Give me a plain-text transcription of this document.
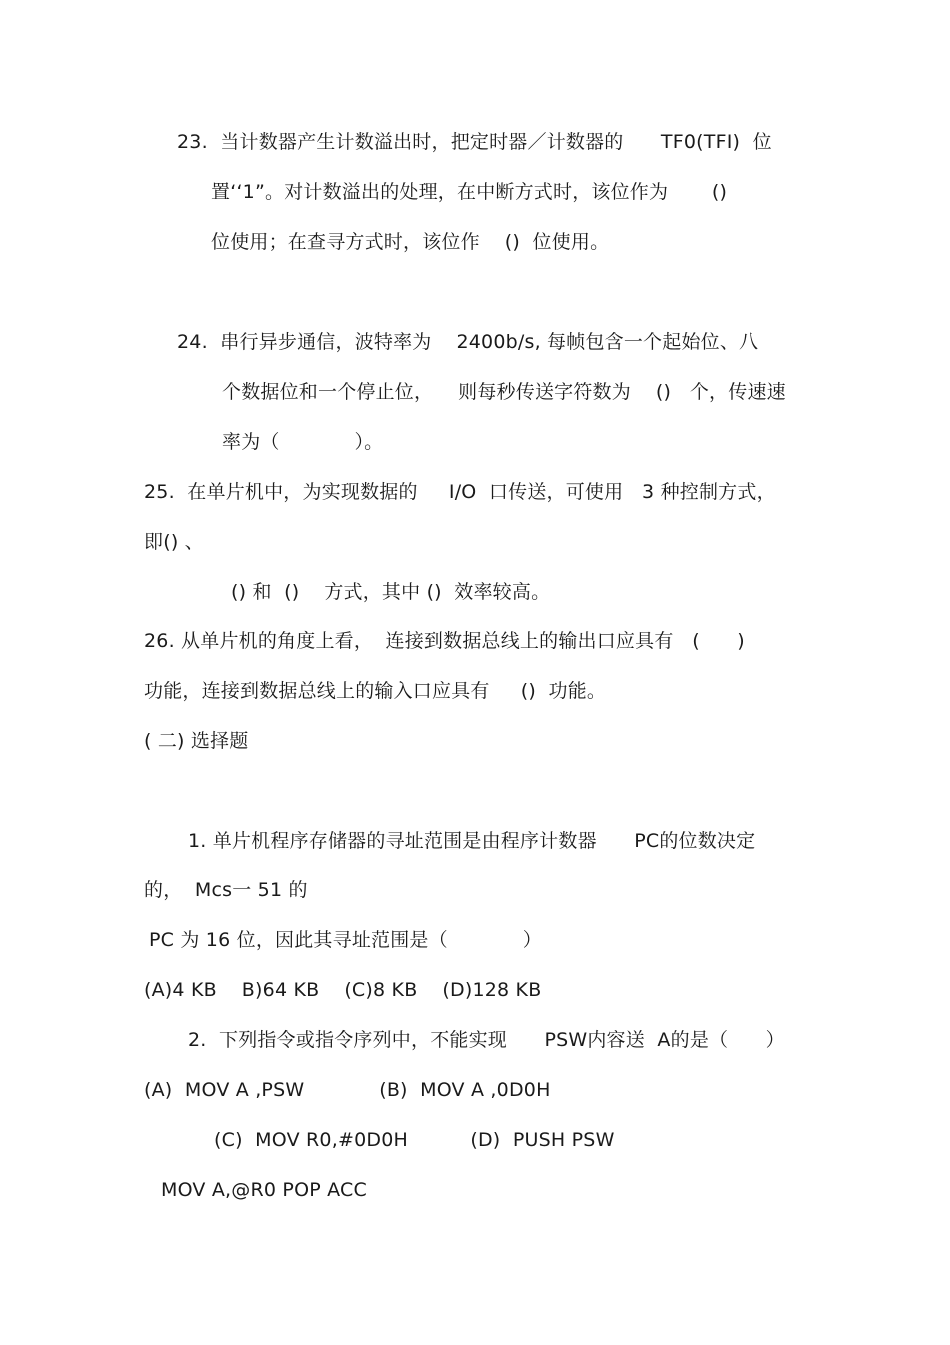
23.  当计数器产生计数溢出时，把定时器／计数器的      TF0(TFI)  位
置‘‘1”。对计数溢出的处理，在中断方式时，该位作为       ()
位使用；在查寻方式时，该位作    ()  位使用。
24.  串行异步通信，波特率为    2400b/s, 每帧包含一个起始位、八
个数据位和一个停止位，    则每秒传送字符数为    ()   个，传速速
率为（            ）。
25.  在单片机中，为实现数据的     I/O  口传送，可使用   3 种控制方式，
即() 、
() 和  ()    方式，其中 ()  效率较高。
26. 从单片机的角度上看，  连接到数据总线上的输出口应具有   (      )
功能，连接到数据总线上的输入口应具有     ()  功能。
( 二) 选择题
1. 单片机程序存储器的寻址范围是由程序计数器      PC的位数决定
的，  Mcs一 51 的
PC 为 16 位，因此其寻址范围是（            ）
(A)4 KB    B)64 KB    (C)8 KB    (D)128 KB
2.  下列指令或指令序列中，不能实现      PSW内容送  A的是（      ）
(A)  MOV A ,PSW            (B)  MOV A ,0D0H
(C)  MOV R0,#0D0H          (D)  PUSH PSW
MOV A,@R0 POP ACC
